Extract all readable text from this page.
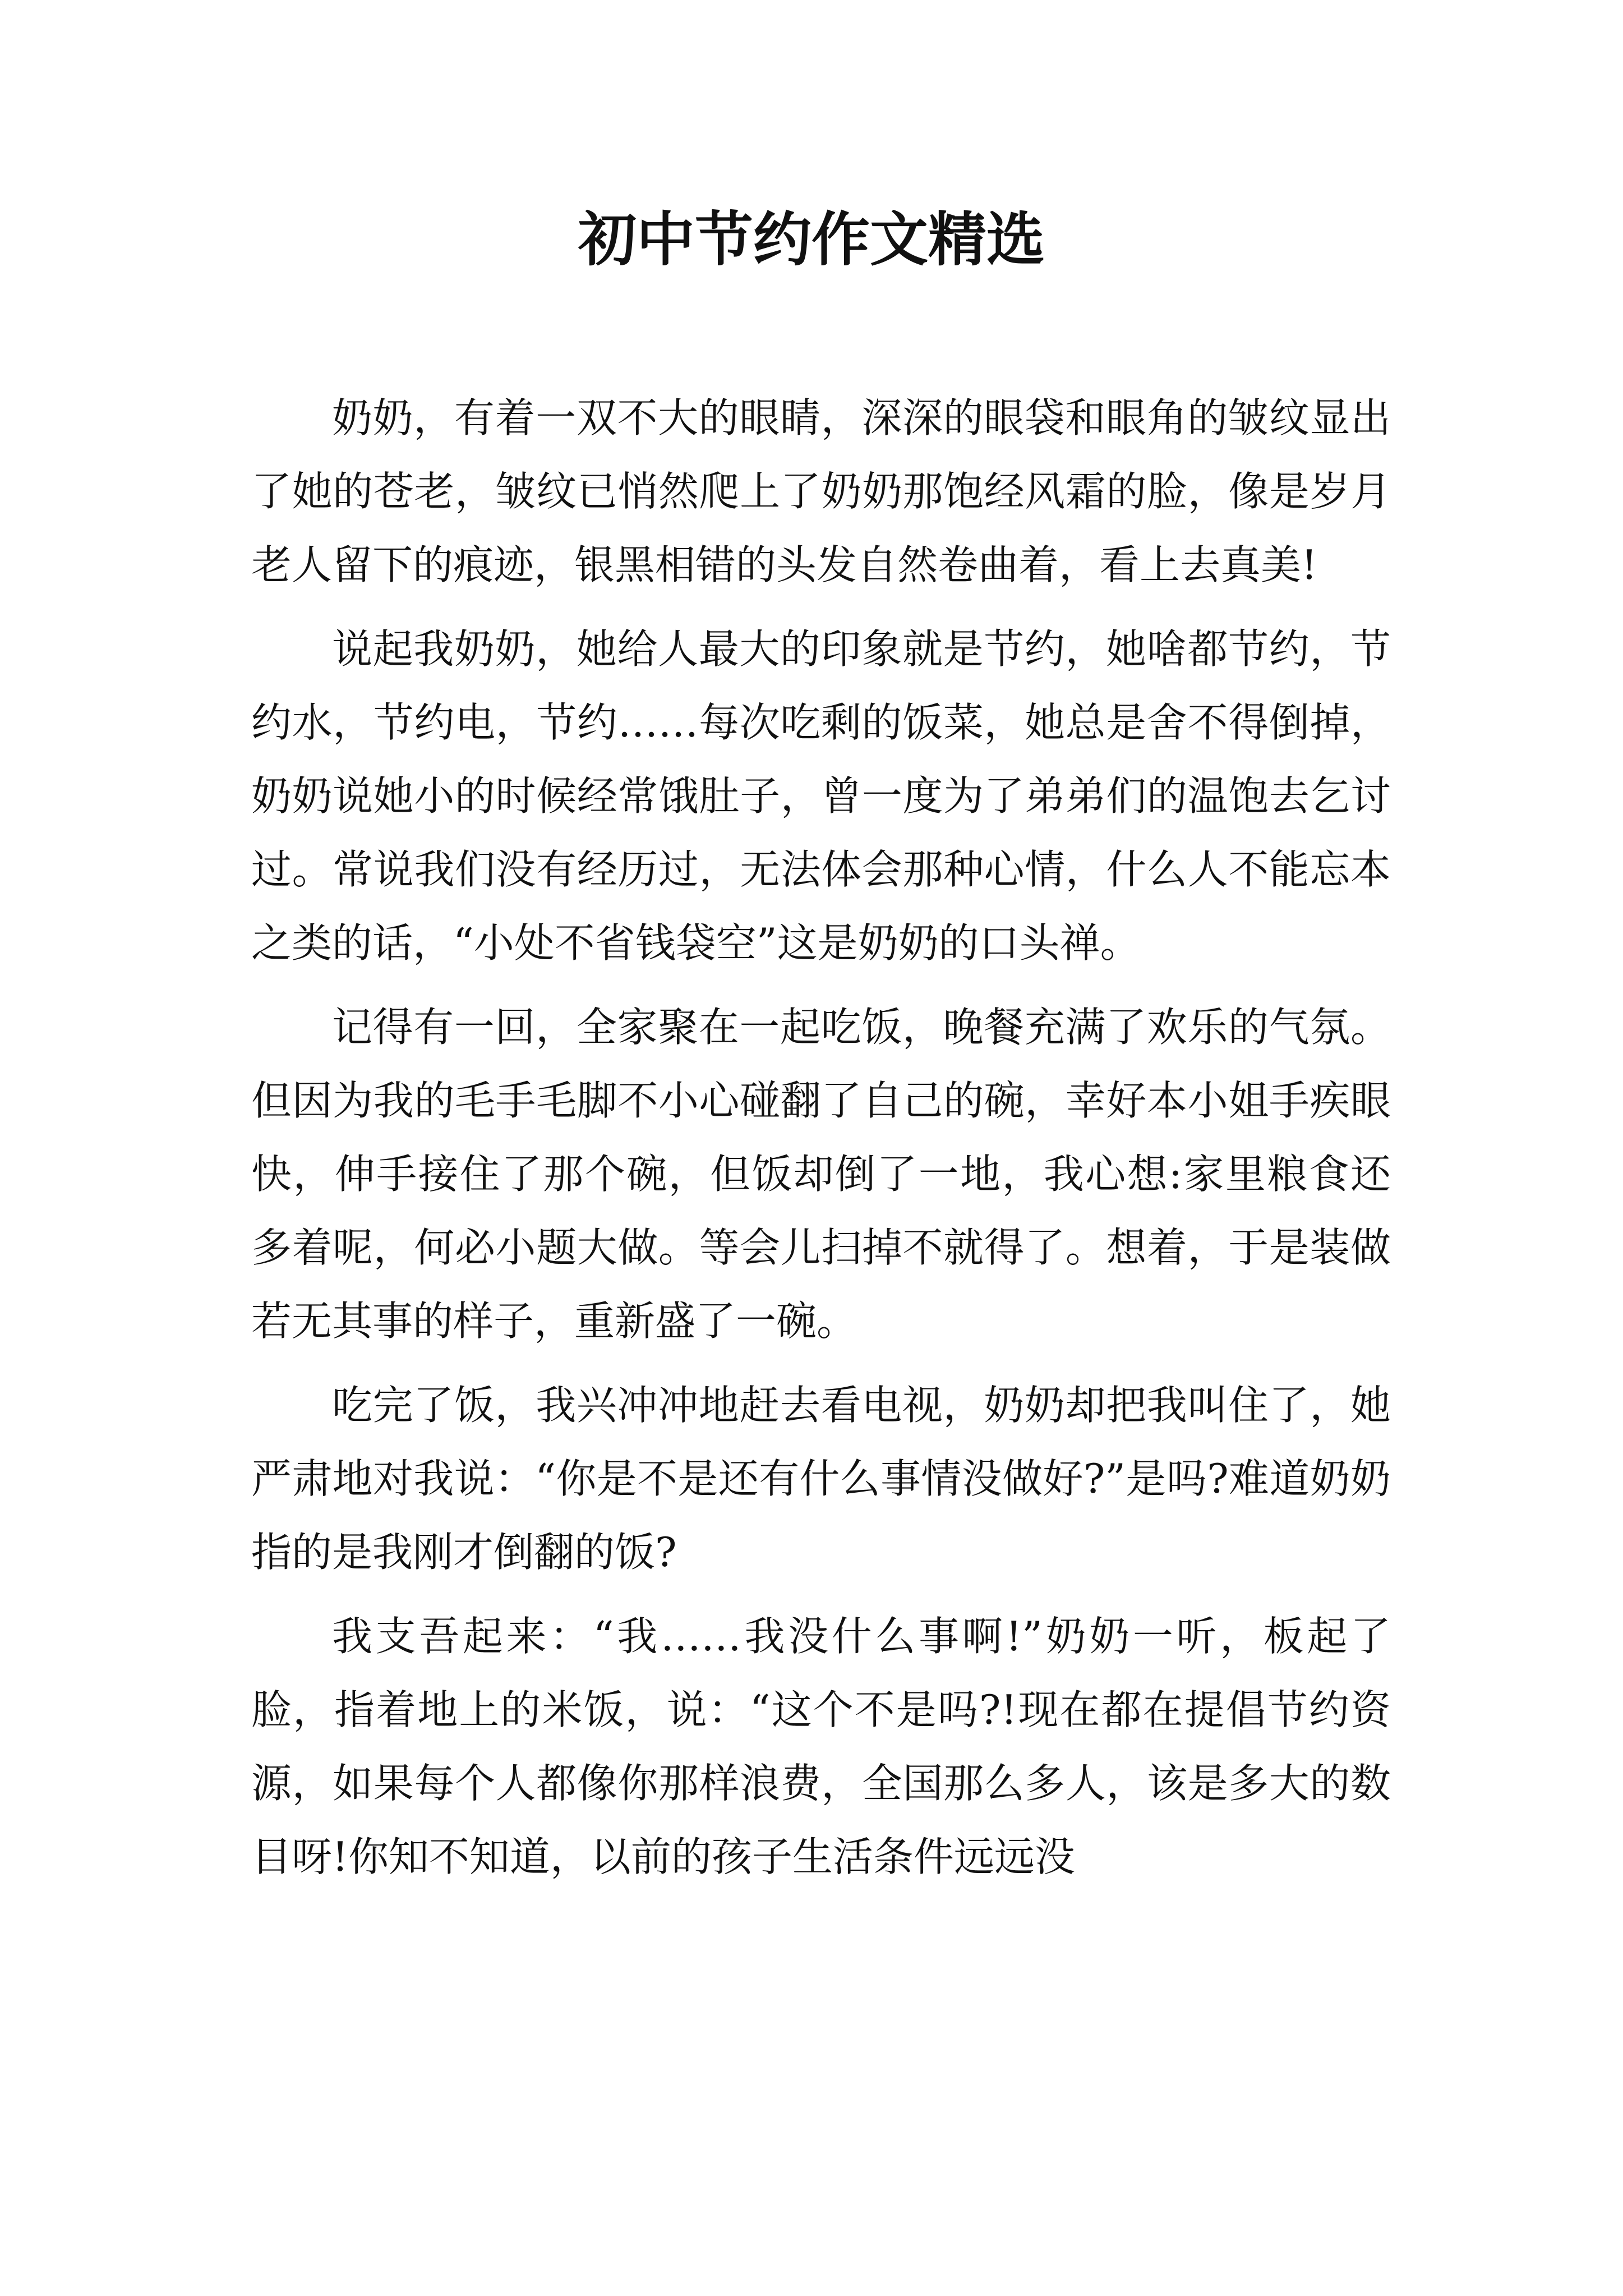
初中节约作文精选

奶奶，有着一双不大的眼睛，深深的眼袋和眼角的皱纹显出了她的苍老，皱纹已悄然爬上了奶奶那饱经风霜的脸，像是岁月老人留下的痕迹，银黑相错的头发自然卷曲着，看上去真美!

说起我奶奶，她给人最大的印象就是节约，她啥都节约，节约水，节约电，节约……每次吃剩的饭菜，她总是舍不得倒掉，奶奶说她小的时候经常饿肚子，曾一度为了弟弟们的温饱去乞讨过。常说我们没有经历过，无法体会那种心情，什么人不能忘本之类的话，“小处不省钱袋空”这是奶奶的口头禅。

记得有一回，全家聚在一起吃饭，晚餐充满了欢乐的气氛。但因为我的毛手毛脚不小心碰翻了自己的碗，幸好本小姐手疾眼快，伸手接住了那个碗，但饭却倒了一地，我心想:家里粮食还多着呢，何必小题大做。等会儿扫掉不就得了。想着，于是装做若无其事的样子，重新盛了一碗。

吃完了饭，我兴冲冲地赶去看电视，奶奶却把我叫住了，她严肃地对我说：“你是不是还有什么事情没做好?”是吗?难道奶奶指的是我刚才倒翻的饭?

我支吾起来：“我……我没什么事啊!”奶奶一听，板起了脸，指着地上的米饭，说：“这个不是吗?!现在都在提倡节约资源，如果每个人都像你那样浪费，全国那么多人，该是多大的数目呀!你知不知道，以前的孩子生活条件远远没
